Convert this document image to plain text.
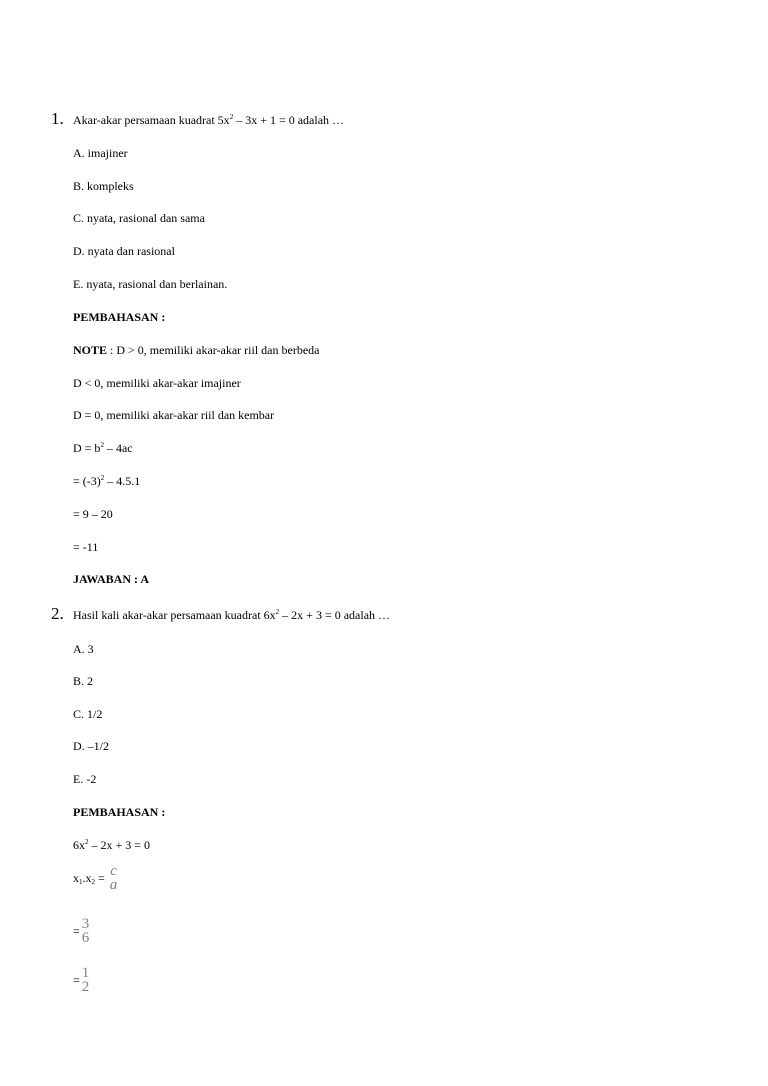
1. Akar-akar persamaan kuadrat $5x^2 - 3x + 1 = 0$ adalah …
A. imajiner
B. kompleks
C. nyata, rasional dan sama
D. nyata dan rasional
E. nyata, rasional dan berlainan.
PEMBAHASAN :
NOTE : D > 0, memiliki akar-akar riil dan berbeda
D < 0, memiliki akar-akar imajiner
D = 0, memiliki akar-akar riil dan kembar
$D = b^2 - 4ac$
= $(-3)^2 - 4.5.1$
= 9 – 20
= -11
JAWABAN : A
2. Hasil kali akar-akar persamaan kuadrat $6x^2 - 2x + 3 = 0$ adalah …
A. 3
B. 2
C. 1/2
D. –1/2
E. -2
PEMBAHASAN :
$6x^2 - 2x + 3 = 0$
$x_1.x_2 = c$
a
= 3
6
= 1
2
